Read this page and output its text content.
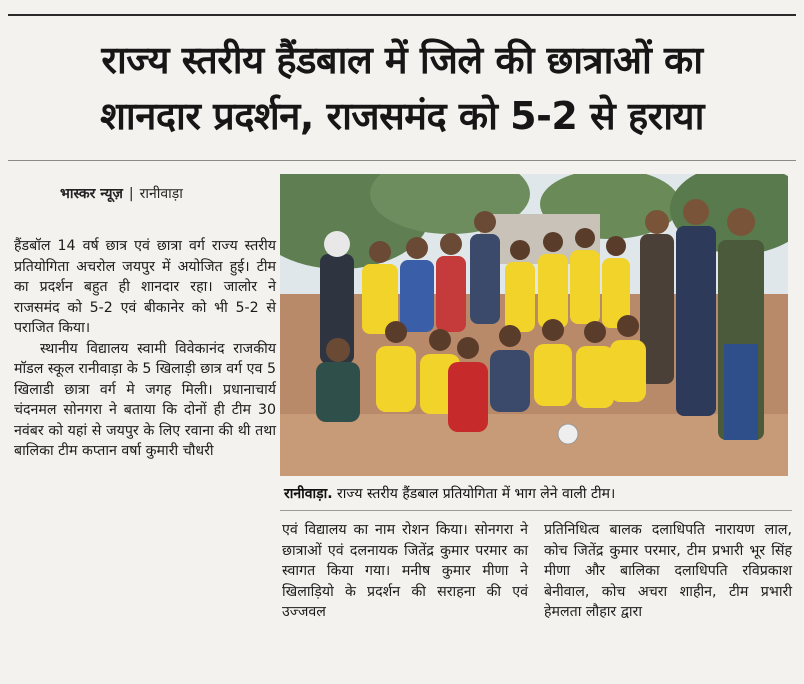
राज्य स्तरीय हैंडबाल में जिले की छात्राओं का
शानदार प्रदर्शन, राजसमंद को 5-2 से हराया
भास्कर न्यूज़ | रानीवाड़ा

हैंडबॉल 14 वर्ष छात्र एवं छात्रा वर्ग राज्य स्तरीय प्रतियोगिता अचरोल जयपुर में अयोजित हुई। टीम का प्रदर्शन बहुत ही शानदार रहा। जालोर ने राजसमंद को 5-2 एवं बीकानेर को भी 5-2 से पराजित किया।

स्थानीय विद्यालय स्वामी विवेकानंद राजकीय मॉडल स्कूल रानीवाड़ा के 5 खिलाड़ी छात्र वर्ग एव 5 खिलाडी छात्रा वर्ग मे जगह मिली। प्रधानाचार्य चंदनमल सोनगरा ने बताया कि दोनों ही टीम 30 नवंबर को यहां से जयपुर के लिए रवाना की थी तथा बालिका टीम कप्तान वर्षा कुमारी चौधरी

रानीवाड़ा. राज्य स्तरीय हैंडबाल प्रतियोगिता में भाग लेने वाली टीम।

एवं विद्यालय का नाम रोशन किया। सोनगरा ने छात्राओं एवं दलनायक जितेंद्र कुमार परमार का स्वागत किया गया। मनीष कुमार मीणा ने खिलाड़ियो के प्रदर्शन की सराहना की एवं उज्जवल

प्रतिनिधित्व बालक दलाधिपति नारायण लाल, कोच जितेंद्र कुमार परमार, टीम प्रभारी भूर सिंह मीणा और बालिका दलाधिपति रविप्रकाश बेनीवाल, कोच अचरा शाहीन, टीम प्रभारी हेमलता लौहार द्वारा
